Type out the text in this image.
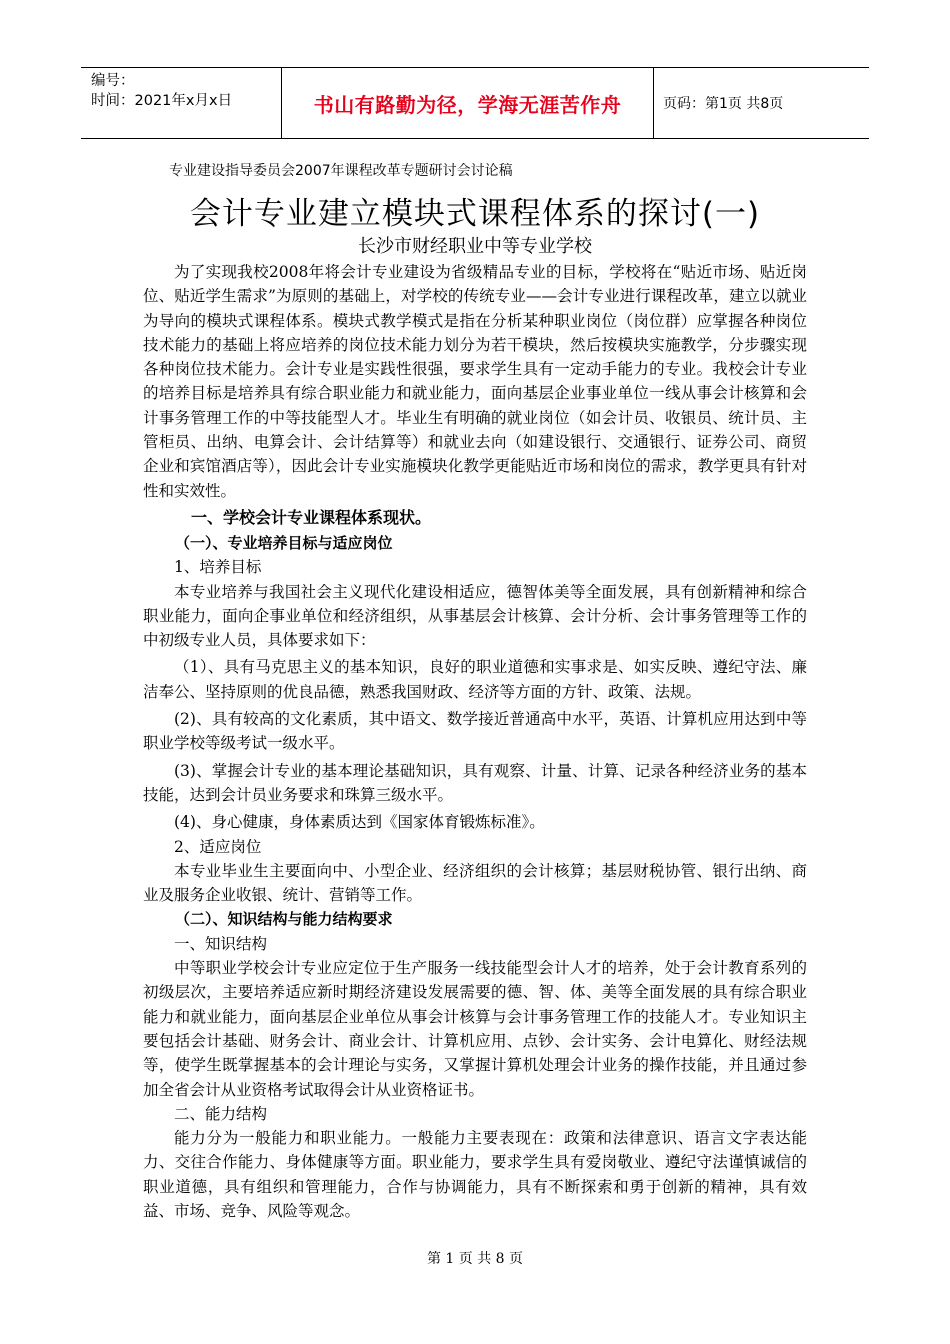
编号：
时间：2021年x月x日	书山有路勤为径，学海无涯苦作舟	页码：第1页 共8页
专业建设指导委员会2007年课程改革专题研讨会讨论稿
会计专业建立模块式课程体系的探讨(一)
长沙市财经职业中等专业学校

为了实现我校2008年将会计专业建设为省级精品专业的目标，学校将在“贴近市场、贴近岗位、贴近学生需求”为原则的基础上，对学校的传统专业——会计专业进行课程改革，建立以就业为导向的模块式课程体系。模块式教学模式是指在分析某种职业岗位（岗位群）应掌握各种岗位技术能力的基础上将应培养的岗位技术能力划分为若干模块，然后按模块实施教学，分步骤实现各种岗位技术能力。会计专业是实践性很强，要求学生具有一定动手能力的专业。我校会计专业的培养目标是培养具有综合职业能力和就业能力，面向基层企业事业单位一线从事会计核算和会计事务管理工作的中等技能型人才。毕业生有明确的就业岗位（如会计员、收银员、统计员、主管柜员、出纳、电算会计、会计结算等）和就业去向（如建设银行、交通银行、证券公司、商贸企业和宾馆酒店等），因此会计专业实施模块化教学更能贴近市场和岗位的需求，教学更具有针对性和实效性。

一、学校会计专业课程体系现状。

（一）、专业培养目标与适应岗位

1、培养目标

本专业培养与我国社会主义现代化建设相适应，德智体美等全面发展，具有创新精神和综合职业能力，面向企事业单位和经济组织，从事基层会计核算、会计分析、会计事务管理等工作的中初级专业人员，具体要求如下：

（1）、具有马克思主义的基本知识，良好的职业道德和实事求是、如实反映、遵纪守法、廉洁奉公、坚持原则的优良品德，熟悉我国财政、经济等方面的方针、政策、法规。

(2)、具有较高的文化素质，其中语文、数学接近普通高中水平，英语、计算机应用达到中等职业学校等级考试一级水平。

(3)、掌握会计专业的基本理论基础知识，具有观察、计量、计算、记录各种经济业务的基本技能，达到会计员业务要求和珠算三级水平。

(4)、身心健康，身体素质达到《国家体育锻炼标准》。

2、适应岗位

本专业毕业生主要面向中、小型企业、经济组织的会计核算；基层财税协管、银行出纳、商业及服务企业收银、统计、营销等工作。

（二）、知识结构与能力结构要求

一、知识结构

中等职业学校会计专业应定位于生产服务一线技能型会计人才的培养，处于会计教育系列的初级层次，主要培养适应新时期经济建设发展需要的德、智、体、美等全面发展的具有综合职业能力和就业能力，面向基层企业单位从事会计核算与会计事务管理工作的技能人才。专业知识主要包括会计基础、财务会计、商业会计、计算机应用、点钞、会计实务、会计电算化、财经法规等，使学生既掌握基本的会计理论与实务，又掌握计算机处理会计业务的操作技能，并且通过参加全省会计从业资格考试取得会计从业资格证书。

二、能力结构

能力分为一般能力和职业能力。一般能力主要表现在：政策和法律意识、语言文字表达能力、交往合作能力、身体健康等方面。职业能力，要求学生具有爱岗敬业、遵纪守法谨慎诚信的职业道德，具有组织和管理能力，合作与协调能力，具有不断探索和勇于创新的精神，具有效益、市场、竞争、风险等观念。

第 1 页 共 8 页
